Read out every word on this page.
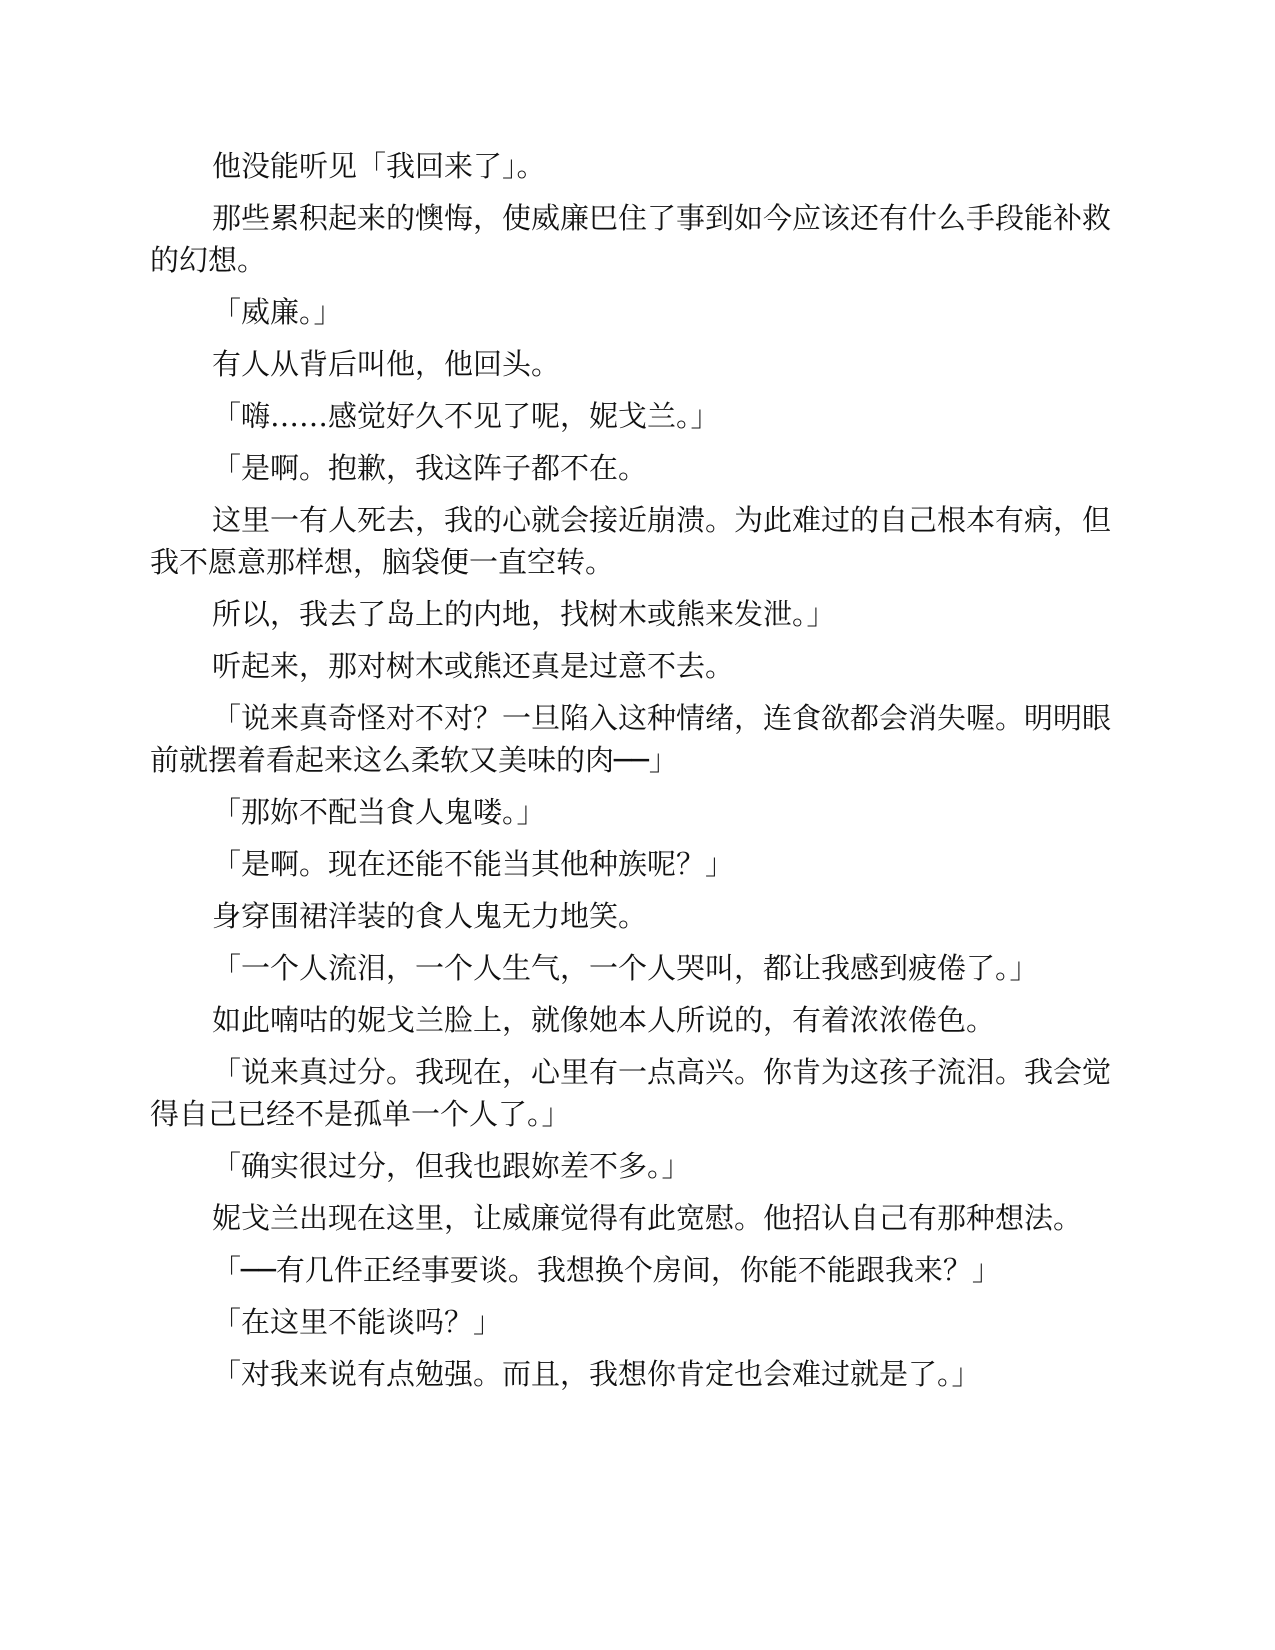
他没能听见「我回来了」。

那些累积起来的懊悔，使威廉巴住了事到如今应该还有什么手段能补救的幻想。

「威廉。」

有人从背后叫他，他回头。

「嗨……感觉好久不见了呢，妮戈兰。」

「是啊。抱歉，我这阵子都不在。

这里一有人死去，我的心就会接近崩溃。为此难过的自己根本有病，但我不愿意那样想，脑袋便一直空转。

所以，我去了岛上的内地，找树木或熊来发泄。」

听起来，那对树木或熊还真是过意不去。

「说来真奇怪对不对？一旦陷入这种情绪，连食欲都会消失喔。明明眼前就摆着看起来这么柔软又美味的肉──」

「那妳不配当食人鬼喽。」

「是啊。现在还能不能当其他种族呢？」

身穿围裙洋装的食人鬼无力地笑。

「一个人流泪，一个人生气，一个人哭叫，都让我感到疲倦了。」

如此喃咕的妮戈兰脸上，就像她本人所说的，有着浓浓倦色。

「说来真过分。我现在，心里有一点高兴。你肯为这孩子流泪。我会觉得自己已经不是孤单一个人了。」

「确实很过分，但我也跟妳差不多。」

妮戈兰出现在这里，让威廉觉得有此宽慰。他招认自己有那种想法。

「──有几件正经事要谈。我想换个房间，你能不能跟我来？」

「在这里不能谈吗？」

「对我来说有点勉强。而且，我想你肯定也会难过就是了。」
